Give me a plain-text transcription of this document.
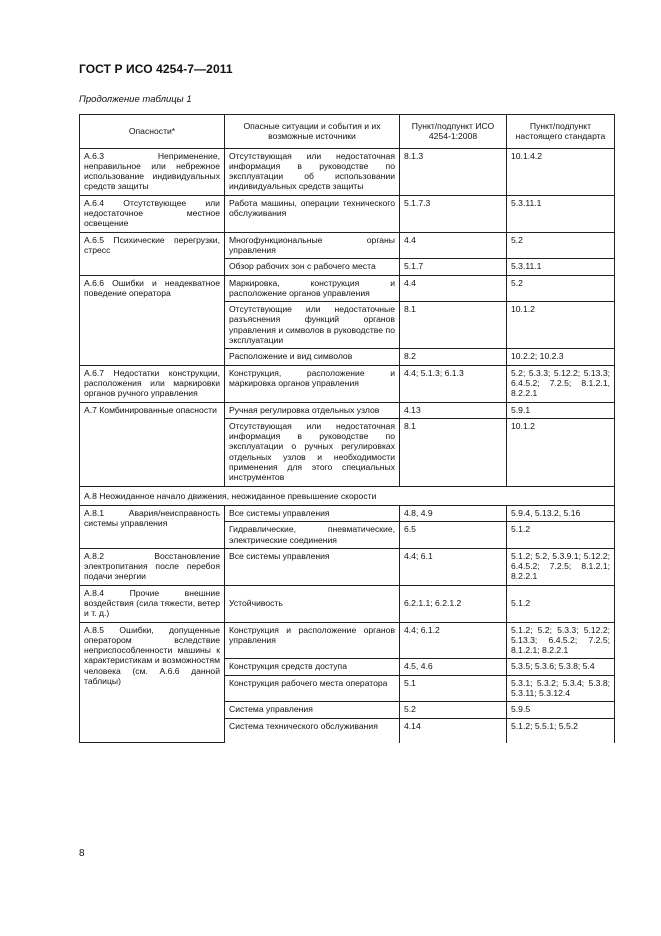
ГОСТ Р ИСО 4254-7—2011
Продолжение таблицы 1
Опасности*	Опасные ситуации и события и их возможные источники	Пункт/подпункт ИСО 4254-1:2008	Пункт/подпункт настоящего стандарта
А.6.3 Неприменение, неправильное или небрежное использование индивидуальных средств защиты	Отсутствующая или недостаточная информация в руководстве по эксплуатации об использовании индивидуальных средств защиты	8.1.3	10.1.4.2
А.6.4 Отсутствующее или недостаточное местное освещение	Работа машины, операции технического обслуживания	5.1.7.3	5.3.11.1
А.6.5 Психические перегрузки, стресс	Многофункциональные органы управления	4.4	5.2
	Обзор рабочих зон с рабочего места	5.1.7	5.3.11.1
А.6.6 Ошибки и неадекватное поведение оператора	Маркировка, конструкция и расположение органов управления	4.4	5.2
	Отсутствующие или недостаточные разъяснения функций органов управления и символов в руководстве по эксплуатации	8.1	10.1.2
	Расположение и вид символов	8.2	10.2.2; 10.2.3
А.6.7 Недостатки конструкции, расположения или маркировки органов ручного управления	Конструкция, расположение и маркировка органов управления	4.4; 5.1.3; 6.1.3	5.2; 5.3.3; 5.12.2; 5.13.3; 6.4.5.2; 7.2.5; 8.1.2.1, 8.2.2.1
А.7 Комбинированные опасности	Ручная регулировка отдельных узлов	4.13	5.9.1
	Отсутствующая или недостаточная информация в руководстве по эксплуатации о ручных регулировках отдельных узлов и необходимости применения для этого специальных инструментов	8.1	10.1.2
А.8 Неожиданное начало движения, неожиданное превышение скорости			
А.8.1 Авария/неисправность системы управления	Все системы управления	4.8, 4.9	5.9.4, 5.13.2, 5.16
	Гидравлические, пневматические, электрические соединения	6.5	5.1.2
А.8.2 Восстановление электропитания после перебоя подачи энергии	Все системы управления	4.4; 6.1	5.1.2; 5.2, 5.3.9.1; 5.12.2; 6.4.5.2; 7.2.5; 8.1.2.1; 8.2.2.1
А.8.4 Прочие внешние воздействия (сила тяжести, ветер и т. д.)	Устойчивость	6.2.1.1; 6.2.1.2	5.1.2
А.8.5 Ошибки, допущенные оператором вследствие неприспособленности машины к характеристикам и возможностям человека (см. А.6.6 данной таблицы)	Конструкция и расположение органов управления	4.4; 6.1.2	5.1.2; 5.2; 5.3.3; 5.12.2; 5.13.3; 6.4.5.2; 7.2.5; 8.1.2.1; 8.2.2.1
	Конструкция средств доступа	4.5, 4.6	5.3.5; 5.3.6; 5.3.8; 5.4
	Конструкция рабочего места оператора	5.1	5.3.1; 5.3.2; 5.3.4; 5.3.8; 5.3.11; 5.3.12.4
	Система управления	5.2	5.9.5
	Система технического обслуживания	4.14	5.1.2; 5.5.1; 5.5.2
8
